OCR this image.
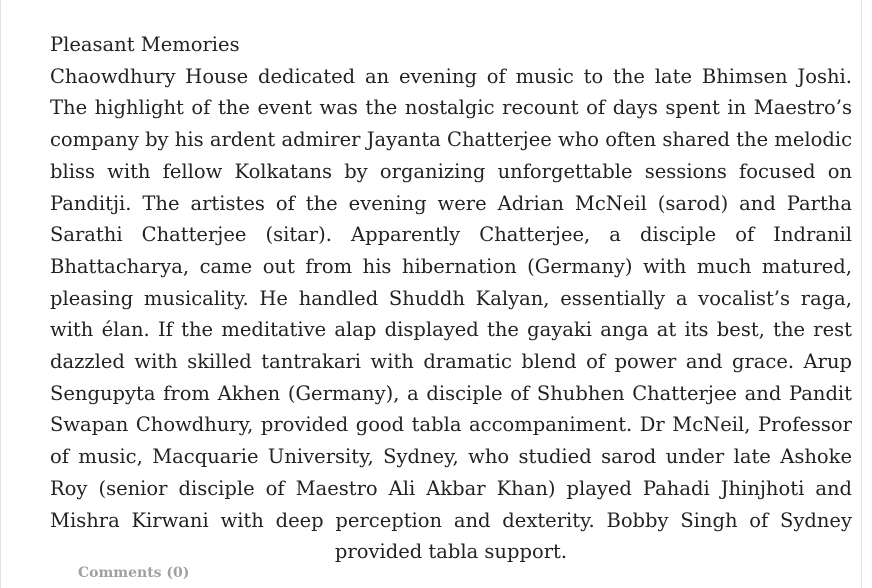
Pleasant Memories

Chaowdhury House dedicated an evening of music to the late Bhimsen Joshi. The highlight of the event was the nostalgic recount of days spent in Maestro’s company by his ardent admirer Jayanta Chatterjee who often shared the melodic bliss with fellow Kolkatans by organizing unforgettable sessions focused on Panditji. The artistes of the evening were Adrian McNeil (sarod) and Partha Sarathi Chatterjee (sitar). Apparently Chatterjee, a disciple of Indranil Bhattacharya, came out from his hibernation (Germany) with much matured, pleasing musicality. He handled Shuddh Kalyan, essentially a vocalist’s raga, with élan. If the meditative alap displayed the gayaki anga at its best, the rest dazzled with skilled tantrakari with dramatic blend of power and grace. Arup Sengupyta from Akhen (Germany), a disciple of Shubhen Chatterjee and Pandit Swapan Chowdhury, provided good tabla accompaniment. Dr McNeil, Professor of music, Macquarie University, Sydney, who studied sarod under late Ashoke Roy (senior disciple of Maestro Ali Akbar Khan) played Pahadi Jhinjhoti and Mishra Kirwani with deep perception and dexterity. Bobby Singh of Sydney provided tabla support.

Comments (0)
